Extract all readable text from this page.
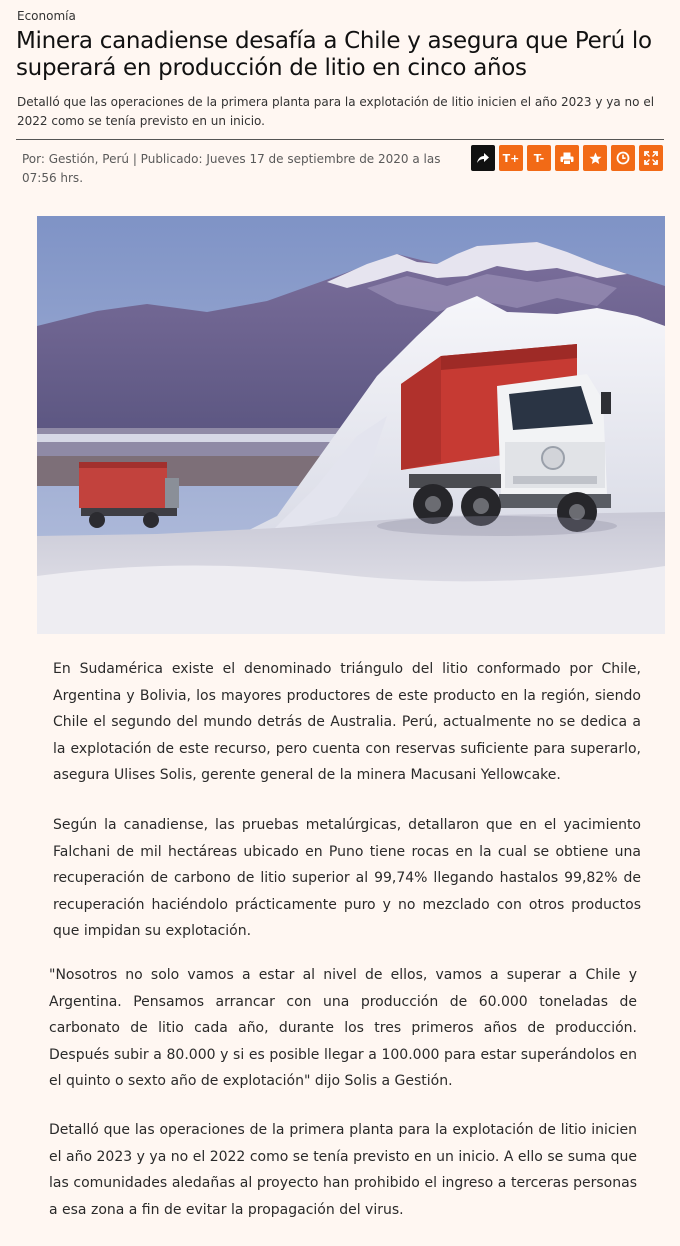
Economía
Minera canadiense desafía a Chile y asegura que Perú lo superará en producción de litio en cinco años
Detalló que las operaciones de la primera planta para la explotación de litio inicien el año 2023 y ya no el 2022 como se tenía previsto en un inicio.
Por: Gestión, Perú | Publicado: Jueves 17 de septiembre de 2020 a las 07:56 hrs.
T+	T-
En Sudamérica existe el denominado triángulo del litio conformado por Chile, Argentina y Bolivia, los mayores productores de este producto en la región, siendo Chile el segundo del mundo detrás de Australia. Perú, actualmente no se dedica a la explotación de este recurso, pero cuenta con reservas suficiente para superarlo, asegura Ulises Solis, gerente general de la minera Macusani Yellowcake.
Según la canadiense, las pruebas metalúrgicas, detallaron que en el yacimiento Falchani de mil hectáreas ubicado en Puno tiene rocas en la cual se obtiene una recuperación de carbono de litio superior al 99,74% llegando hastalos 99,82% de recuperación haciéndolo prácticamente puro y no mezclado con otros productos que impidan su explotación.
"Nosotros no solo vamos a estar al nivel de ellos, vamos a superar a Chile y Argentina. Pensamos arrancar con una producción de 60.000 toneladas de carbonato de litio cada año, durante los tres primeros años de producción. Después subir a 80.000 y si es posible llegar a 100.000 para estar superándolos en el quinto o sexto año de explotación" dijo Solis a Gestión.
Detalló que las operaciones de la primera planta para la explotación de litio inicien el año 2023 y ya no el 2022 como se tenía previsto en un inicio. A ello se suma que las comunidades aledañas al proyecto han prohibido el ingreso a terceras personas a esa zona a fin de evitar la propagación del virus.
